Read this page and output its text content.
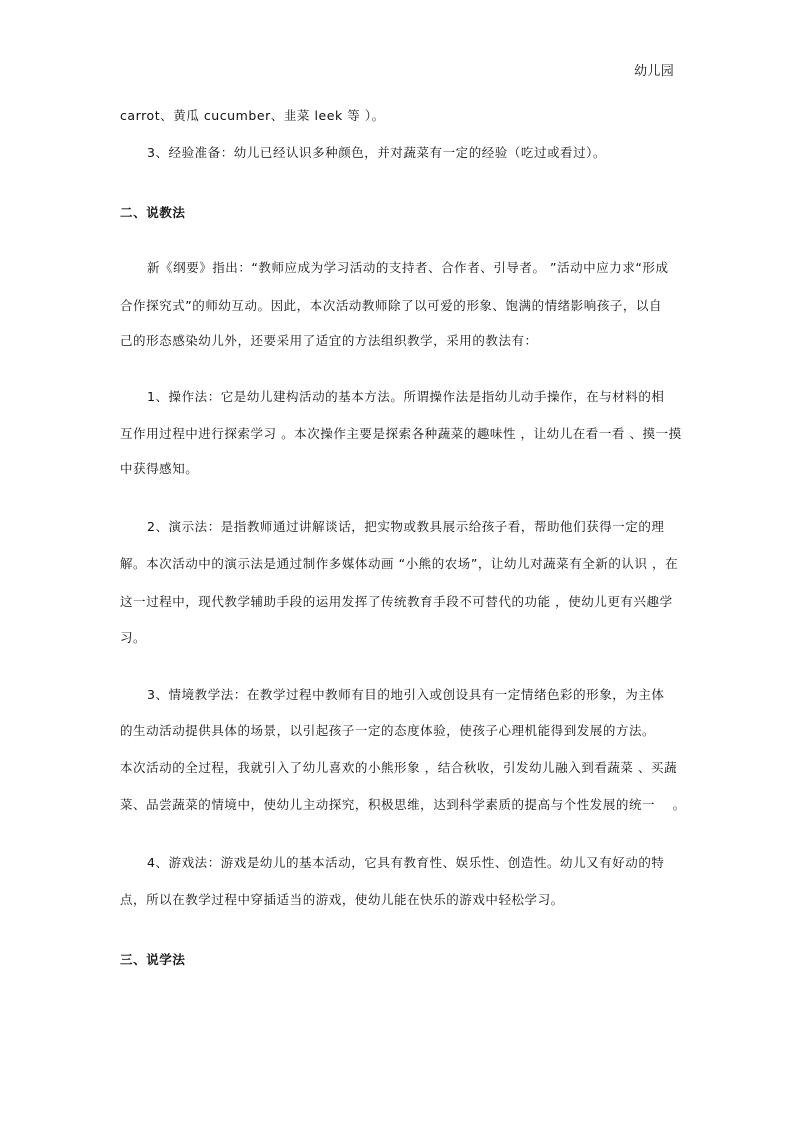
幼儿园
carrot、黄瓜 cucumber、韭菜 leek 等 ）。
3、经验准备：幼儿已经认识多种颜色，并对蔬菜有一定的经验（吃过或看过）。
二、说教法
新《纲要》指出：“教师应成为学习活动的支持者、合作者、引导者。 ”活动中应力求“形成
合作探究式”的师幼互动。因此，本次活动教师除了以可爱的形象、饱满的情绪影响孩子，以自
己的形态感染幼儿外，还要采用了适宜的方法组织教学，采用的教法有：
1、操作法：它是幼儿建构活动的基本方法。所谓操作法是指幼儿动手操作，在与材料的相
互作用过程中进行探索学习 。本次操作主要是探索各种蔬菜的趣味性 ，让幼儿在看一看 、摸一摸
中获得感知。
2、演示法：是指教师通过讲解谈话，把实物或教具展示给孩子看，帮助他们获得一定的理
解。本次活动中的演示法是通过制作多媒体动画 “小熊的农场”，让幼儿对蔬菜有全新的认识 ，在
这一过程中，现代教学辅助手段的运用发挥了传统教育手段不可替代的功能 ，使幼儿更有兴趣学
习。
3、情境教学法：在教学过程中教师有目的地引入或创设具有一定情绪色彩的形象，为主体
的生动活动提供具体的场景，以引起孩子一定的态度体验，使孩子心理机能得到发展的方法。
本次活动的全过程，我就引入了幼儿喜欢的小熊形象 ，结合秋收，引发幼儿融入到看蔬菜 、买蔬
菜、品尝蔬菜的情境中，使幼儿主动探究，积极思维，达到科学素质的提高与个性发展的统一 　。
4、游戏法：游戏是幼儿的基本活动，它具有教育性、娱乐性、创造性。幼儿又有好动的特
点，所以在教学过程中穿插适当的游戏，使幼儿能在快乐的游戏中轻松学习。
三、说学法
